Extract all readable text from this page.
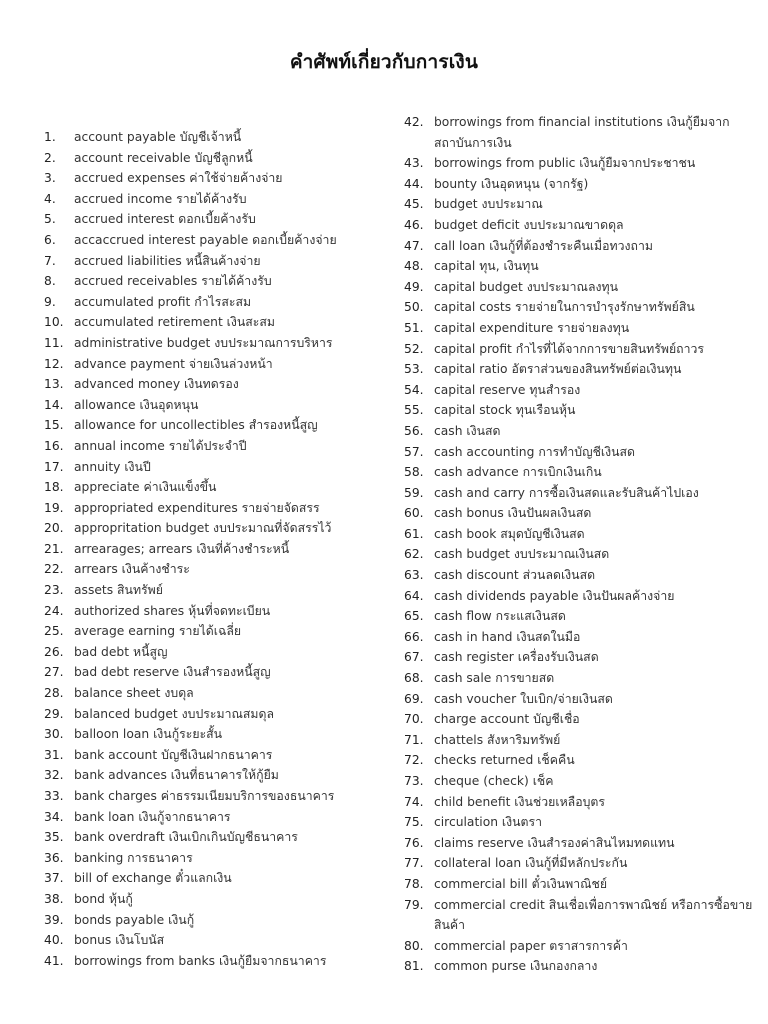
คำศัพท์เกี่ยวกับการเงิน
1.	account payable บัญชีเจ้าหนี้
2.	account receivable บัญชีลูกหนี้
3.	accrued expenses ค่าใช้จ่ายค้างจ่าย
4.	accrued income รายได้ค้างรับ
5.	accrued interest ดอกเบี้ยค้างรับ
6.	accaccrued interest payable ดอกเบี้ยค้างจ่าย
7.	accrued liabilities หนี้สินค้างจ่าย
8.	accrued receivables รายได้ค้างรับ
9.	accumulated profit กำไรสะสม
10. accumulated retirement เงินสะสม
11. administrative budget งบประมาณการบริหาร
12. advance payment จ่ายเงินล่วงหน้า
13. advanced money เงินทดรอง
14. allowance เงินอุดหนุน
15. allowance for uncollectibles สำรองหนี้สูญ
16. annual income รายได้ประจำปี
17. annuity เงินปี
18. appreciate ค่าเงินแข็งขึ้น
19. appropriated expenditures รายจ่ายจัดสรร
20. appropritation budget งบประมาณที่จัดสรรไว้
21. arrearages; arrears เงินที่ค้างชำระหนี้
22. arrears เงินค้างชำระ
23. assets สินทรัพย์
24. authorized shares หุ้นที่จดทะเบียน
25. average earning รายได้เฉลี่ย
26. bad debt หนี้สูญ
27. bad debt reserve เงินสำรองหนี้สูญ
28. balance sheet งบดุล
29. balanced budget งบประมาณสมดุล
30. balloon loan เงินกู้ระยะสั้น
31. bank account บัญชีเงินฝากธนาคาร
32. bank advances เงินที่ธนาคารให้กู้ยืม
33. bank charges ค่าธรรมเนียมบริการของธนาคาร
34. bank loan เงินกู้จากธนาคาร
35. bank overdraft เงินเบิกเกินบัญชีธนาคาร
36. banking การธนาคาร
37. bill of exchange ตั๋วแลกเงิน
38. bond หุ้นกู้
39. bonds payable เงินกู้
40. bonus เงินโบนัส
41. borrowings from banks เงินกู้ยืมจากธนาคาร
42. borrowings from financial institutions เงินกู้ยืมจากสถาบันการเงิน
43. borrowings from public เงินกู้ยืมจากประชาชน
44. bounty เงินอุดหนุน (จากรัฐ)
45. budget งบประมาณ
46. budget deficit งบประมาณขาดดุล
47. call loan เงินกู้ที่ต้องชำระคืนเมื่อทวงถาม
48. capital ทุน, เงินทุน
49. capital budget งบประมาณลงทุน
50. capital costs รายจ่ายในการบำรุงรักษาทรัพย์สิน
51. capital expenditure รายจ่ายลงทุน
52. capital profit กำไรที่ได้จากการขายสินทรัพย์ถาวร
53. capital ratio อัตราส่วนของสินทรัพย์ต่อเงินทุน
54. capital reserve ทุนสำรอง
55. capital stock ทุนเรือนหุ้น
56. cash เงินสด
57. cash accounting การทำบัญชีเงินสด
58. cash advance การเบิกเงินเกิน
59. cash and carry การซื้อเงินสดและรับสินค้าไปเอง
60. cash bonus เงินปันผลเงินสด
61. cash book สมุดบัญชีเงินสด
62. cash budget งบประมาณเงินสด
63. cash discount ส่วนลดเงินสด
64. cash dividends payable เงินปันผลค้างจ่าย
65. cash flow กระแสเงินสด
66. cash in hand เงินสดในมือ
67. cash register เครื่องรับเงินสด
68. cash sale การขายสด
69. cash voucher ใบเบิก/จ่ายเงินสด
70. charge account บัญชีเชื่อ
71. chattels สังหาริมทรัพย์
72. checks returned เช็คคืน
73. cheque (check) เช็ค
74. child benefit เงินช่วยเหลือบุตร
75. circulation เงินตรา
76. claims reserve เงินสำรองค่าสินไหมทดแทน
77. collateral loan เงินกู้ที่มีหลักประกัน
78. commercial bill ตั๋วเงินพาณิชย์
79. commercial credit สินเชื่อเพื่อการพาณิชย์ หรือการซื้อขายสินค้า
80. commercial paper ตราสารการค้า
81. common purse เงินกองกลาง
